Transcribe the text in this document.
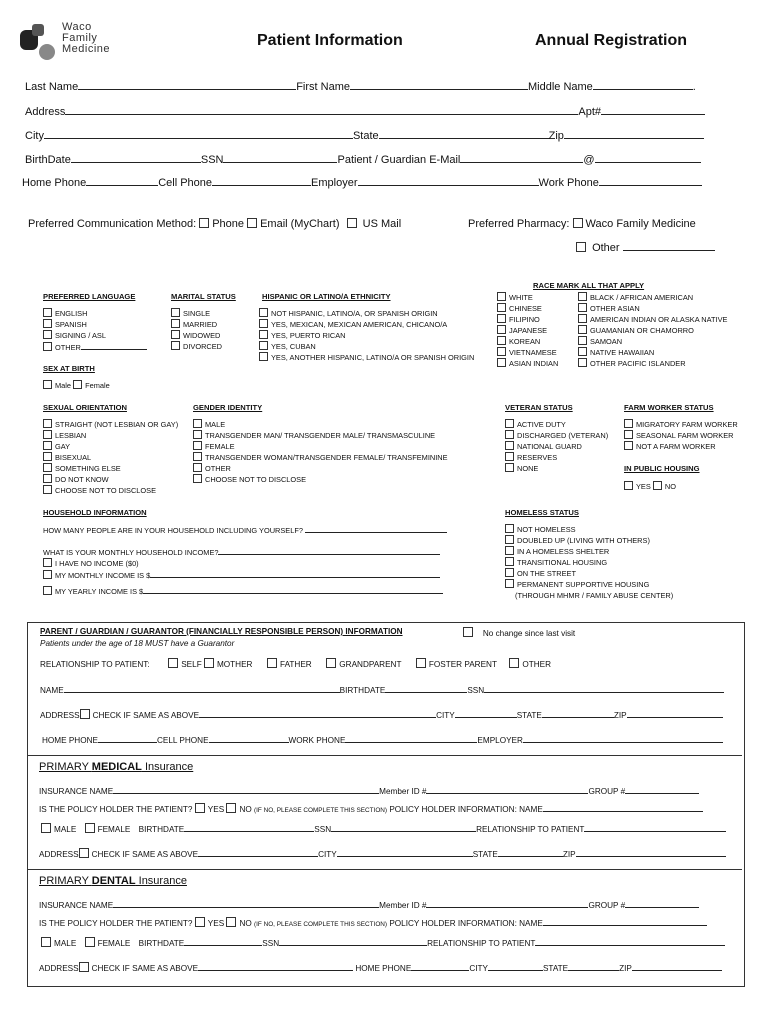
Waco
Family
Medicine	Patient Information	Annual Registration
Last Name	First Name	Middle Name	.
Address	Apt#
City	State	Zip
BirthDate	SSN	Patient / Guardian E-Mail	@
Home Phone	Cell Phone	Employer	Work Phone
Preferred Communication Method: Phone Email (MyChart) US Mail	Preferred Pharmacy: Waco Family Medicine
Other
PREFERRED LANGUAGE
ENGLISH
SPANISH
SIGNING / ASL
OTHER
MARITAL STATUS
SINGLE
MARRIED
WIDOWED
DIVORCED
HISPANIC OR LATINO/A ETHNICITY
NOT HISPANIC, LATINO/A, OR SPANISH ORIGIN
YES, MEXICAN, MEXICAN AMERICAN, CHICANO/A
YES, PUERTO RICAN
YES, CUBAN
YES, ANOTHER HISPANIC, LATINO/A OR SPANISH ORIGIN
RACE MARK ALL THAT APPLY
WHITE
CHINESE
FILIPINO
JAPANESE
KOREAN
VIETNAMESE
ASIAN INDIAN
BLACK / AFRICAN AMERICAN
OTHER ASIAN
AMERICAN INDIAN OR ALASKA NATIVE
GUAMANIAN OR CHAMORRO
SAMOAN
NATIVE HAWAIIAN
OTHER PACIFIC ISLANDER
SEX AT BIRTH
Male Female
SEXUAL ORIENTATION
STRAIGHT (NOT LESBIAN OR GAY)
LESBIAN
GAY
BISEXUAL
SOMETHING ELSE
DO NOT KNOW
CHOOSE NOT TO DISCLOSE
GENDER IDENTITY
MALE
TRANSGENDER MAN/ TRANSGENDER MALE/ TRANSMASCULINE
FEMALE
TRANSGENDER WOMAN/TRANSGENDER FEMALE/ TRANSFEMININE
OTHER
CHOOSE NOT TO DISCLOSE
VETERAN STATUS
ACTIVE DUTY
DISCHARGED (VETERAN)
NATIONAL GUARD
RESERVES
NONE
FARM WORKER STATUS
MIGRATORY FARM WORKER
SEASONAL FARM WORKER
NOT A FARM WORKER
IN PUBLIC HOUSING
YES NO
HOUSEHOLD INFORMATION
HOW MANY PEOPLE ARE IN YOUR HOUSEHOLD INCLUDING YOURSELF?
WHAT IS YOUR MONTHLY HOUSEHOLD INCOME?
I HAVE NO INCOME ($0)
MY MONTHLY INCOME IS $
MY YEARLY INCOME IS $
HOMELESS STATUS
NOT HOMELESS
DOUBLED UP (LIVING WITH OTHERS)
IN A HOMELESS SHELTER
TRANSITIONAL HOUSING
ON THE STREET
PERMANENT SUPPORTIVE HOUSING
(THROUGH MHMR / FAMILY ABUSE CENTER)
PARENT / GUARDIAN / GUARANTOR (FINANCIALLY RESPONSIBLE PERSON) INFORMATION	No change since last visit
Patients under the age of 18 MUST have a Guarantor
RELATIONSHIP TO PATIENT:	SELF MOTHER	FATHER	GRANDPARENT	FOSTER PARENT	OTHER
NAME	BIRTHDATE	SSN
ADDRESS CHECK IF SAME AS ABOVE	CITY	STATE	ZIP
HOME PHONE	CELL PHONE	WORK PHONE	EMPLOYER
PRIMARY MEDICAL Insurance
INSURANCE NAME	Member ID #	GROUP #
IS THE POLICY HOLDER THE PATIENT? YES NO (IF NO, PLEASE COMPLETE THIS SECTION) POLICY HOLDER INFORMATION: NAME
MALE	FEMALE BIRTHDATE	SSN	RELATIONSHIP TO PATIENT
ADDRESS CHECK IF SAME AS ABOVE	CITY	STATE	ZIP
PRIMARY DENTAL Insurance
INSURANCE NAME	Member ID #	GROUP #
IS THE POLICY HOLDER THE PATIENT? YES NO (IF NO, PLEASE COMPLETE THIS SECTION) POLICY HOLDER INFORMATION: NAME
MALE	FEMALE BIRTHDATE	SSN	RELATIONSHIP TO PATIENT
ADDRESS CHECK IF SAME AS ABOVE	HOME PHONE	CITY	STATE	ZIP
